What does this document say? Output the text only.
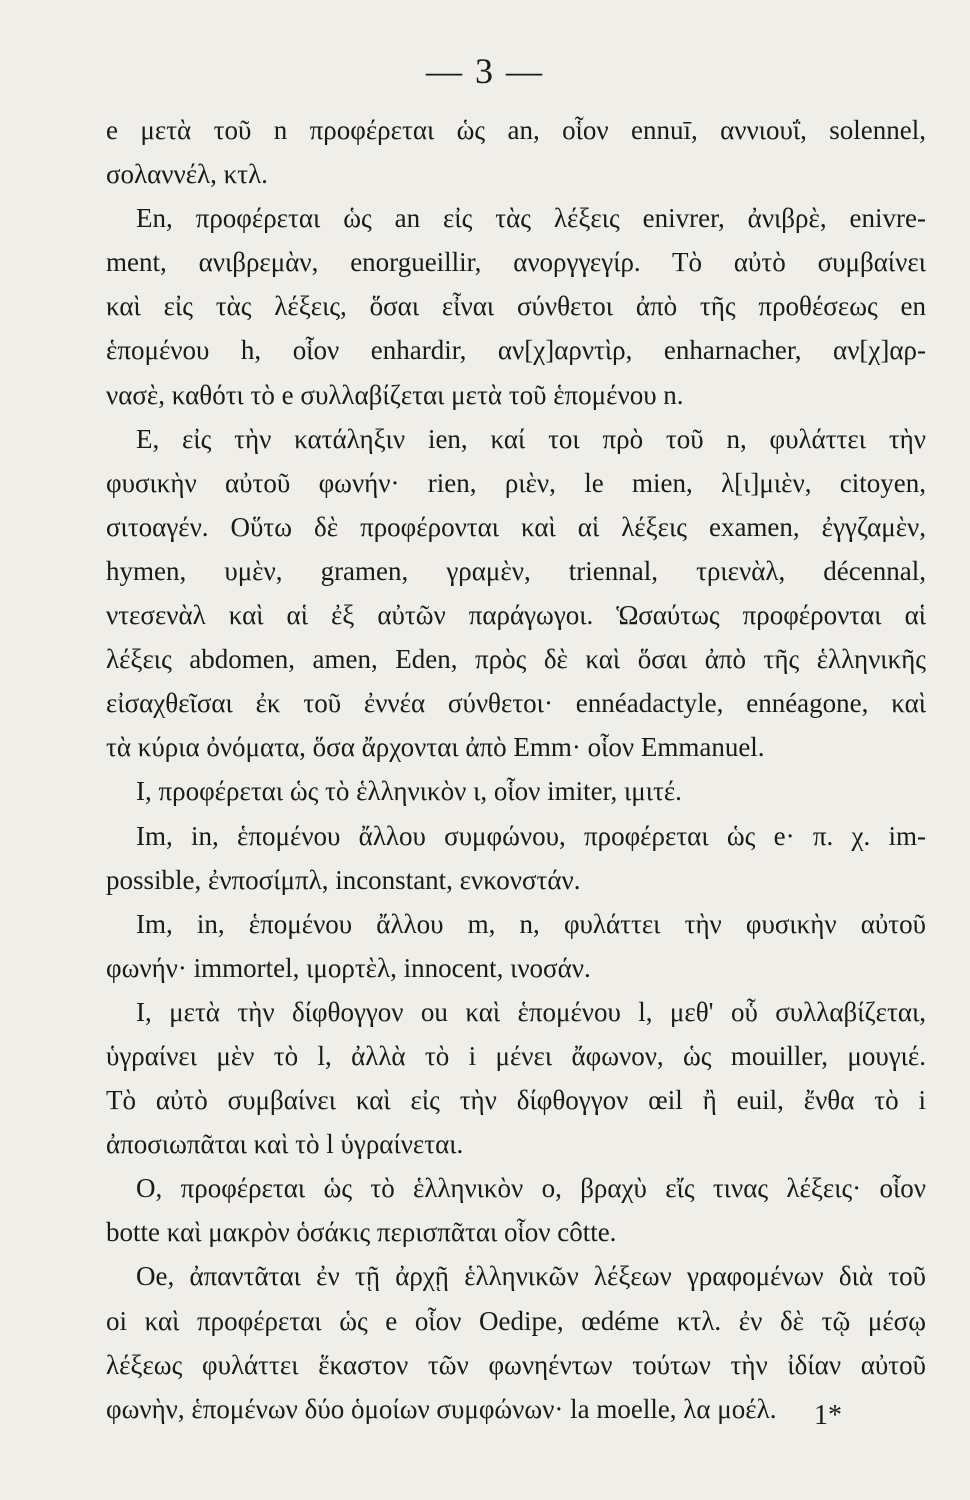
— 3 —
e μετὰ τοῦ n προφέρεται ὡς an, οἷον ennuī, αννιουΐ, solennel,
σολαννέλ, κτλ.
En, προφέρεται ὡς an εἰς τὰς λέξεις enivrer, ἀνιβρὲ, enivre-
ment, ανιβρεμὰν, enorgueillir, ανοργγεγίρ. Τὸ αὐτὸ συμβαίνει
καὶ εἰς τὰς λέξεις, ὅσαι εἶναι σύνθετοι ἀπὸ τῆς προθέσεως en
ἑπομένου h, οἷον enhardir, αν[χ]αρντὶρ, enharnacher, αν[χ]αρ-
νασὲ, καθότι τὸ e συλλαβίζεται μετὰ τοῦ ἑπομένου n.
E, εἰς τὴν κατάληξιν ien, καί τοι πρὸ τοῦ n, φυλάττει τὴν
φυσικὴν αὐτοῦ φωνήν· rien, ριὲν, le mien, λ[ι]μιὲν, citoyen,
σιτοαγέν. Οὕτω δὲ προφέρονται καὶ αἱ λέξεις examen, ἐγγζαμὲν,
hymen, υμὲν, gramen, γραμὲν, triennal, τριενὰλ, décennal,
ντεσενὰλ καὶ αἱ ἐξ αὐτῶν παράγωγοι. Ὡσαύτως προφέρονται αἱ
λέξεις abdomen, amen, Eden, πρὸς δὲ καὶ ὅσαι ἀπὸ τῆς ἑλληνικῆς
εἰσαχθεῖσαι ἐκ τοῦ ἐννέα σύνθετοι· ennéadactyle, ennéagone, καὶ
τὰ κύρια ὀνόματα, ὅσα ἄρχονται ἀπὸ Emm· οἷον Emmanuel.
I, προφέρεται ὡς τὸ ἑλληνικὸν ι, οἷον imiter, ιμιτέ.
Im, in, ἑπομένου ἄλλου συμφώνου, προφέρεται ὡς e· π. χ. im-
possible, ἐνποσίμπλ, inconstant, ενκονστάν.
Im, in, ἑπομένου ἄλλου m, n, φυλάττει τὴν φυσικὴν αὐτοῦ
φωνήν· immortel, ιμορτὲλ, innocent, ινοσάν.
I, μετὰ τὴν δίφθογγον ou καὶ ἑπομένου l, μεθ' οὗ συλλαβίζεται,
ὑγραίνει μὲν τὸ l, ἀλλὰ τὸ i μένει ἄφωνον, ὡς mouiller, μουγιέ.
Τὸ αὐτὸ συμβαίνει καὶ εἰς τὴν δίφθογγον œil ἢ euil, ἔνθα τὸ i
ἀποσιωπᾶται καὶ τὸ l ὑγραίνεται.
O, προφέρεται ὡς τὸ ἑλληνικὸν o, βραχὺ εἴς τινας λέξεις· οἷον
botte καὶ μακρὸν ὁσάκις περισπᾶται οἷον côtte.
Oe, ἀπαντᾶται ἐν τῇ ἀρχῇ ἑλληνικῶν λέξεων γραφομένων διὰ τοῦ
oi καὶ προφέρεται ὡς e οἷον Oedipe, œdéme κτλ. ἐν δὲ τῷ μέσῳ
λέξεως φυλάττει ἕκαστον τῶν φωνηέντων τούτων τὴν ἰδίαν αὐτοῦ
φωνὴν, ἑπομένων δύο ὁμοίων συμφώνων· la moelle, λα μοέλ.	1*
